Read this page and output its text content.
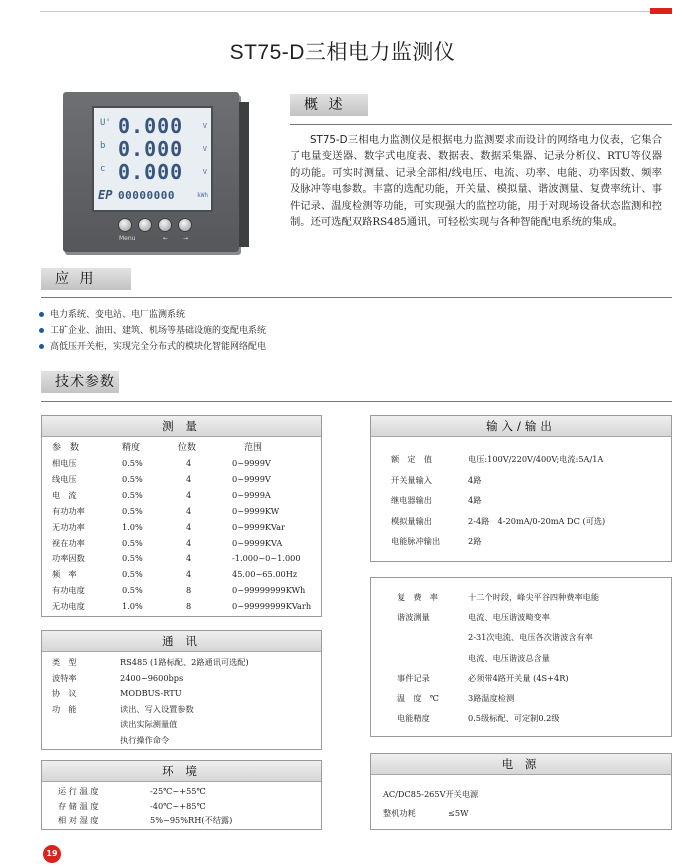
ST75-D三相电力监测仪
U' 0.000	V
b 0.000	V
c 0.000	V
EP 00000000	kWh
Menu	← →
概 述
ST75-D三相电力监测仪是根据电力监测要求而设计的网络电力仪表，它集合了电量变送器、数字式电度表、数据表、数据采集器、记录分析仪、RTU等仪器的功能。可实时测量、记录全部相/线电压、电流、功率、电能、功率因数、频率及脉冲等电参数。丰富的选配功能，开关量、模拟量、谐波测量、复费率统计、事件记录、温度检测等功能，可实现强大的监控功能，用于对现场设备状态监测和控制。还可选配双路RS485通讯，可轻松实现与各种智能配电系统的集成。
应 用
电力系统、变电站、电厂监测系统
工矿企业、油田、建筑、机场等基础设施的变配电系统
高低压开关柜，实现完全分布式的模块化智能网络配电
技术参数
测 量
参　数	精度	位数	范围
相电压	0.5%	4	0~9999V
线电压	0.5%	4	0~9999V
电　流	0.5%	4	0~9999A
有功功率	0.5%	4	0~9999KW
无功功率	1.0%	4	0~9999KVar
视在功率	0.5%	4	0~9999KVA
功率因数	0.5%	4	-1.000~0~1.000
频　率	0.5%	4	45.00~65.00Hz
有功电度	0.5%	8	0~99999999KWh
无功电度	1.0%	8	0~99999999KVarh
通 讯
类　型	RS485 (1路标配、2路通讯可选配)
波特率	2400~9600bps
协　议	MODBUS-RTU
功　能	读出、写入设置参数
读出实际测量值
执行操作命令
环 境
运 行 温 度	-25℃~+55℃
存 储 温 度	-40℃~+85℃
相 对 湿 度	5%~95%RH(不结露)
输入/输出
额　定　值	电压:100V/220V/400V;电流:5A/1A
开关量输入	4路
继电器输出	4路
模拟量输出	2-4路　4-20mA/0-20mA DC (可选)
电能脉冲输出	2路
复　费　率	十二个时段，峰尖平谷四种费率电能
谐波测量	电流、电压谐波畸变率
2-31次电流、电压各次谐波含有率
电流、电压谐波总含量
事件记录	必须带4路开关量 (4S+4R)
温　度　℃	3路温度检测
电能精度	0.5级标配、可定制0.2级
电 源
AC/DC85-265V开关电源
整机功耗	≤5W
19
